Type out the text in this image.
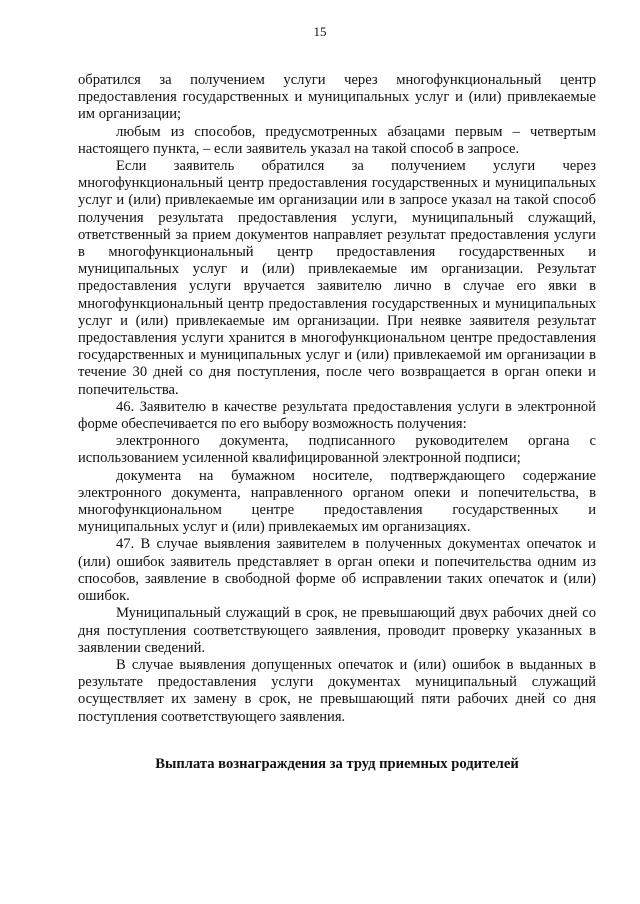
15

обратился за получением услуги через многофункциональный центр предоставления государственных и муниципальных услуг и (или) привлекаемые им организации;

любым из способов, предусмотренных абзацами первым – четвертым настоящего пункта, – если заявитель указал на такой способ в запросе.

Если заявитель обратился за получением услуги через многофункциональный центр предоставления государственных и муниципальных услуг и (или) привлекаемые им организации или в запросе указал на такой способ получения результата предоставления услуги, муниципальный служащий, ответственный за прием документов направляет результат предоставления услуги в многофункциональный центр предоставления государственных и муниципальных услуг и (или) привлекаемые им организации. Результат предоставления услуги вручается заявителю лично в случае его явки в многофункциональный центр предоставления государственных и муниципальных услуг и (или) привлекаемые им организации. При неявке заявителя результат предоставления услуги хранится в многофункциональном центре предоставления государственных и муниципальных услуг и (или) привлекаемой им организации в течение 30 дней со дня поступления, после чего возвращается в орган опеки и попечительства.

46. Заявителю в качестве результата предоставления услуги в электронной форме обеспечивается по его выбору возможность получения:

электронного документа, подписанного руководителем органа с использованием усиленной квалифицированной электронной подписи;

документа на бумажном носителе, подтверждающего содержание электронного документа, направленного органом опеки и попечительства, в многофункциональном центре предоставления государственных и муниципальных услуг и (или) привлекаемых им организациях.

47. В случае выявления заявителем в полученных документах опечаток и (или) ошибок заявитель представляет в орган опеки и попечительства одним из способов, заявление в свободной форме об исправлении таких опечаток и (или) ошибок.

Муниципальный служащий в срок, не превышающий двух рабочих дней со дня поступления соответствующего заявления, проводит проверку указанных в заявлении сведений.

В случае выявления допущенных опечаток и (или) ошибок в выданных в результате предоставления услуги документах муниципальный служащий осуществляет их замену в срок, не превышающий пяти рабочих дней со дня поступления соответствующего заявления.

Выплата вознаграждения за труд приемных родителей
